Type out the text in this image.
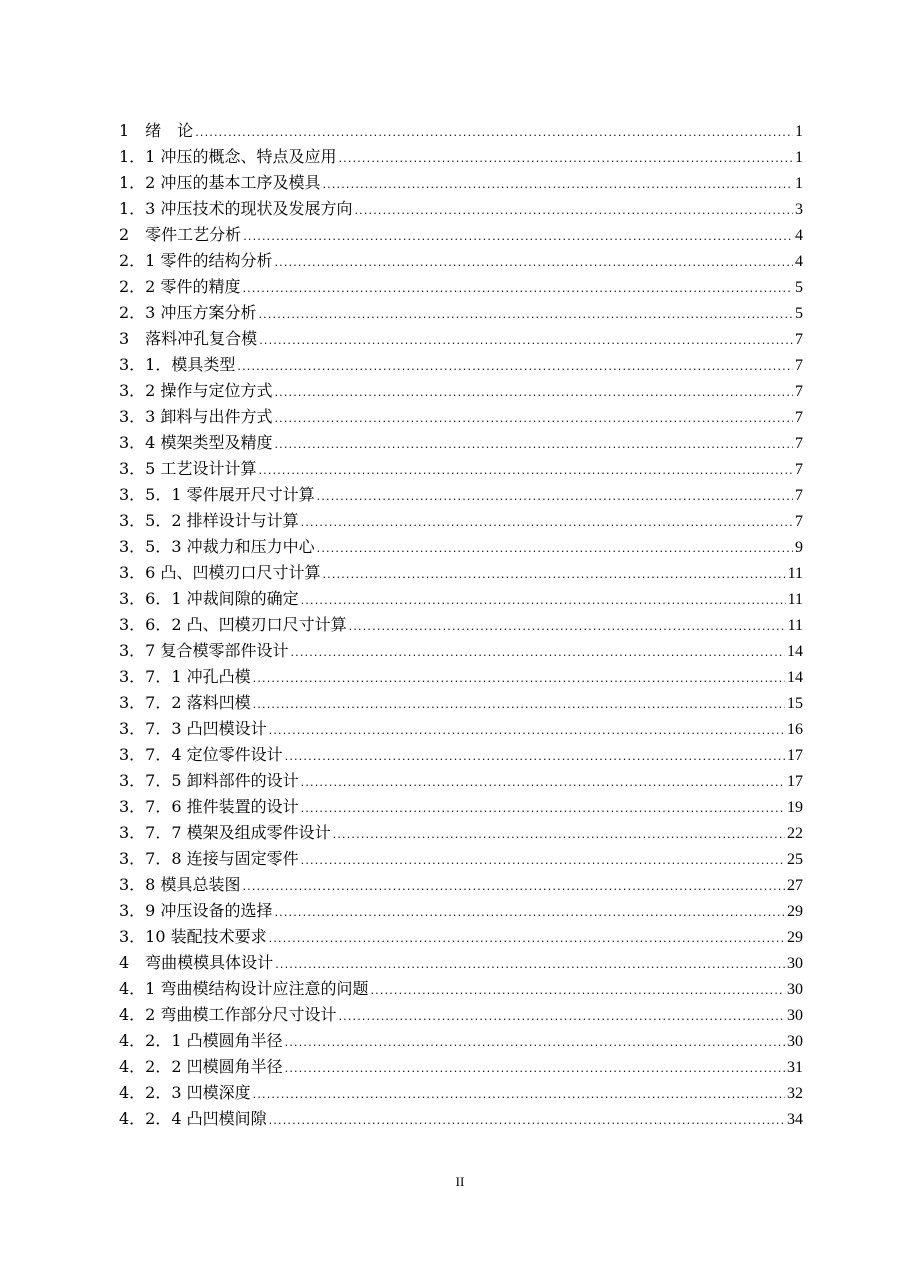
1　绪　论 .....	1
1．1 冲压的概念、特点及应用 .....	1
1．2 冲压的基本工序及模具 .....	1
1．3 冲压技术的现状及发展方向 .....	3
2　零件工艺分析 .....	4
2．1 零件的结构分析 .....	4
2．2 零件的精度 .....	5
2．3 冲压方案分析 .....	5
3　落料冲孔复合模 .....	7
3．1．模具类型 .....	7
3．2 操作与定位方式 .....	7
3．3 卸料与出件方式 .....	7
3．4 模架类型及精度 .....	7
3．5 工艺设计计算 .....	7
3．5．1 零件展开尺寸计算 .....	7
3．5．2 排样设计与计算 .....	7
3．5．3 冲裁力和压力中心 .....	9
3．6 凸、凹模刃口尺寸计算 .....	11
3．6．1 冲裁间隙的确定 .....	11
3．6．2 凸、凹模刃口尺寸计算 .....	11
3．7 复合模零部件设计 .....	14
3．7．1 冲孔凸模 .....	14
3．7．2 落料凹模 .....	15
3．7．3 凸凹模设计 .....	16
3．7．4 定位零件设计 .....	17
3．7．5 卸料部件的设计 .....	17
3．7．6 推件装置的设计 .....	19
3．7．7 模架及组成零件设计 .....	22
3．7．8 连接与固定零件 .....	25
3．8 模具总装图 .....	27
3．9 冲压设备的选择 .....	29
3．10 装配技术要求 .....	29
4　弯曲模模具体设计 .....	30
4．1 弯曲模结构设计应注意的问题 .....	30
4．2 弯曲模工作部分尺寸设计 .....	30
4．2．1 凸模圆角半径 .....	30
4．2．2 凹模圆角半径 .....	31
4．2．3 凹模深度 .....	32
4．2．4 凸凹模间隙 .....	34
II
